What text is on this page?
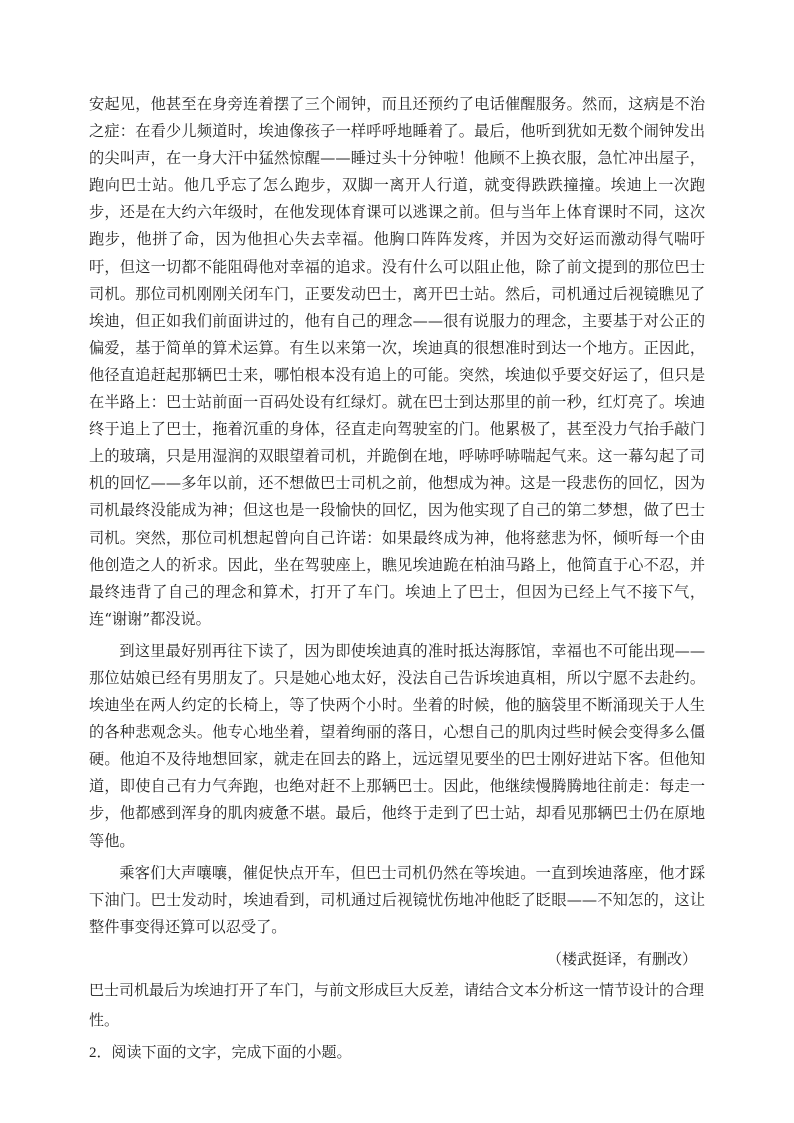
安起见，他甚至在身旁连着摆了三个闹钟，而且还预约了电话催醒服务。然而，这病是不治之症：在看少儿频道时，埃迪像孩子一样呼呼地睡着了。最后，他听到犹如无数个闹钟发出的尖叫声，在一身大汗中猛然惊醒——睡过头十分钟啦！他顾不上换衣服，急忙冲出屋子，跑向巴士站。他几乎忘了怎么跑步，双脚一离开人行道，就变得跌跌撞撞。埃迪上一次跑步，还是在大约六年级时，在他发现体育课可以逃课之前。但与当年上体育课时不同，这次跑步，他拼了命，因为他担心失去幸福。他胸口阵阵发疼，并因为交好运而激动得气喘吁吁，但这一切都不能阻碍他对幸福的追求。没有什么可以阻止他，除了前文提到的那位巴士司机。那位司机刚刚关闭车门，正要发动巴士，离开巴士站。然后，司机通过后视镜瞧见了埃迪，但正如我们前面讲过的，他有自己的理念——很有说服力的理念，主要基于对公正的偏爱，基于简单的算术运算。有生以来第一次，埃迪真的很想准时到达一个地方。正因此，他径直追赶起那辆巴士来，哪怕根本没有追上的可能。突然，埃迪似乎要交好运了，但只是在半路上：巴士站前面一百码处设有红绿灯。就在巴士到达那里的前一秒，红灯亮了。埃迪终于追上了巴士，拖着沉重的身体，径直走向驾驶室的门。他累极了，甚至没力气抬手敲门上的玻璃，只是用湿润的双眼望着司机，并跪倒在地，呼哧呼哧喘起气来。这一幕勾起了司机的回忆——多年以前，还不想做巴士司机之前，他想成为神。这是一段悲伤的回忆，因为司机最终没能成为神；但这也是一段愉快的回忆，因为他实现了自己的第二梦想，做了巴士司机。突然，那位司机想起曾向自己许诺：如果最终成为神，他将慈悲为怀，倾听每一个由他创造之人的祈求。因此，坐在驾驶座上，瞧见埃迪跪在柏油马路上，他简直于心不忍，并最终违背了自己的理念和算术，打开了车门。埃迪上了巴士，但因为已经上气不接下气，连“谢谢”都没说。

到这里最好别再往下读了，因为即使埃迪真的准时抵达海豚馆，幸福也不可能出现——那位姑娘已经有男朋友了。只是她心地太好，没法自己告诉埃迪真相，所以宁愿不去赴约。埃迪坐在两人约定的长椅上，等了快两个小时。坐着的时候，他的脑袋里不断涌现关于人生的各种悲观念头。他专心地坐着，望着绚丽的落日，心想自己的肌肉过些时候会变得多么僵硬。他迫不及待地想回家，就走在回去的路上，远远望见要坐的巴士刚好进站下客。但他知道，即使自己有力气奔跑，也绝对赶不上那辆巴士。因此，他继续慢腾腾地往前走：每走一步，他都感到浑身的肌肉疲惫不堪。最后，他终于走到了巴士站，却看见那辆巴士仍在原地等他。

乘客们大声嚷嚷，催促快点开车，但巴士司机仍然在等埃迪。一直到埃迪落座，他才踩下油门。巴士发动时，埃迪看到，司机通过后视镜忧伤地冲他眨了眨眼——不知怎的，这让整件事变得还算可以忍受了。

（楼武挺译，有删改）

巴士司机最后为埃迪打开了车门，与前文形成巨大反差，请结合文本分析这一情节设计的合理性。

2．阅读下面的文字，完成下面的小题。
